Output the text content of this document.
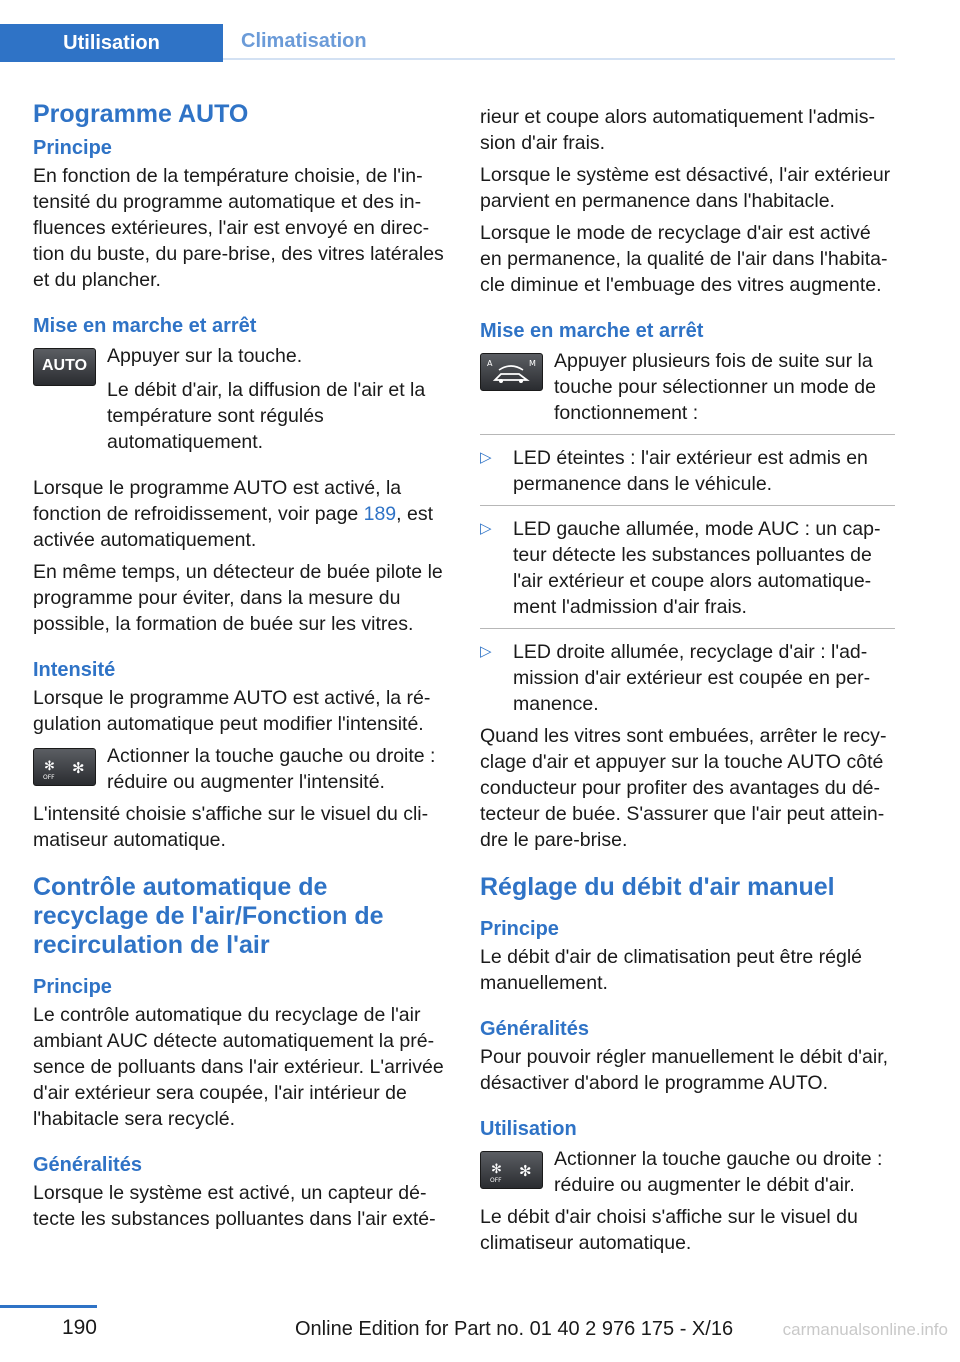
Utilisation	Climatisation
Programme AUTO
Principe

En fonction de la température choisie, de l'intensité du programme automatique et des influences extérieures, l'air est envoyé en direction du buste, du pare-brise, des vitres latérales et du plancher.

Mise en marche et arrêt
AUTO	Appuyer sur la touche.

Le débit d'air, la diffusion de l'air et la température sont régulés automatiquement.

Lorsque le programme AUTO est activé, la fonction de refroidissement, voir page 189, est activée automatiquement.

En même temps, un détecteur de buée pilote le programme pour éviter, dans la mesure du possible, la formation de buée sur les vitres.

Intensité

Lorsque le programme AUTO est activé, la régulation automatique peut modifier l'intensité.

OFF
✻ ✻

Actionner la touche gauche ou droite : réduire ou augmenter l'intensité.

L'intensité choisie s'affiche sur le visuel du climatiseur automatique.

Contrôle automatique de recyclage de l'air/Fonction de recirculation de l'air
Principe

Le contrôle automatique du recyclage de l'air ambiant AUC détecte automatiquement la présence de polluants dans l'air extérieur. L'arrivée d'air extérieur sera coupée, l'air intérieur de l'habitacle sera recyclé.

Généralités

Lorsque le système est activé, un capteur détecte les substances polluantes dans l'air exté-

rieur et coupe alors automatiquement l'admission d'air frais.

Lorsque le système est désactivé, l'air extérieur parvient en permanence dans l'habitacle.

Lorsque le mode de recyclage d'air est activé en permanence, la qualité de l'air dans l'habitacle diminue et l'embuage des vitres augmente.

Mise en marche et arrêt
A	M Appuyer plusieurs fois de suite sur la touche pour sélectionner un mode de fonctionnement :

▷ LED éteintes : l'air extérieur est admis en permanence dans le véhicule.
▷ LED gauche allumée, mode AUC : un capteur détecte les substances polluantes de l'air extérieur et coupe alors automatiquement l'admission d'air frais.
▷ LED droite allumée, recyclage d'air : l'admission d'air extérieur est coupée en permanence.

Quand les vitres sont embuées, arrêter le recyclage d'air et appuyer sur la touche AUTO côté conducteur pour profiter des avantages du détecteur de buée. S'assurer que l'air peut atteindre le pare-brise.

Réglage du débit d'air manuel
Principe

Le débit d'air de climatisation peut être réglé manuellement.

Généralités

Pour pouvoir régler manuellement le débit d'air, désactiver d'abord le programme AUTO.

Utilisation
OFF
✻ ✻

Actionner la touche gauche ou droite : réduire ou augmenter le débit d'air.

Le débit d'air choisi s'affiche sur le visuel du climatiseur automatique.

190	Online Edition for Part no. 01 40 2 976 175 - X/16	carmanualsonline.info
